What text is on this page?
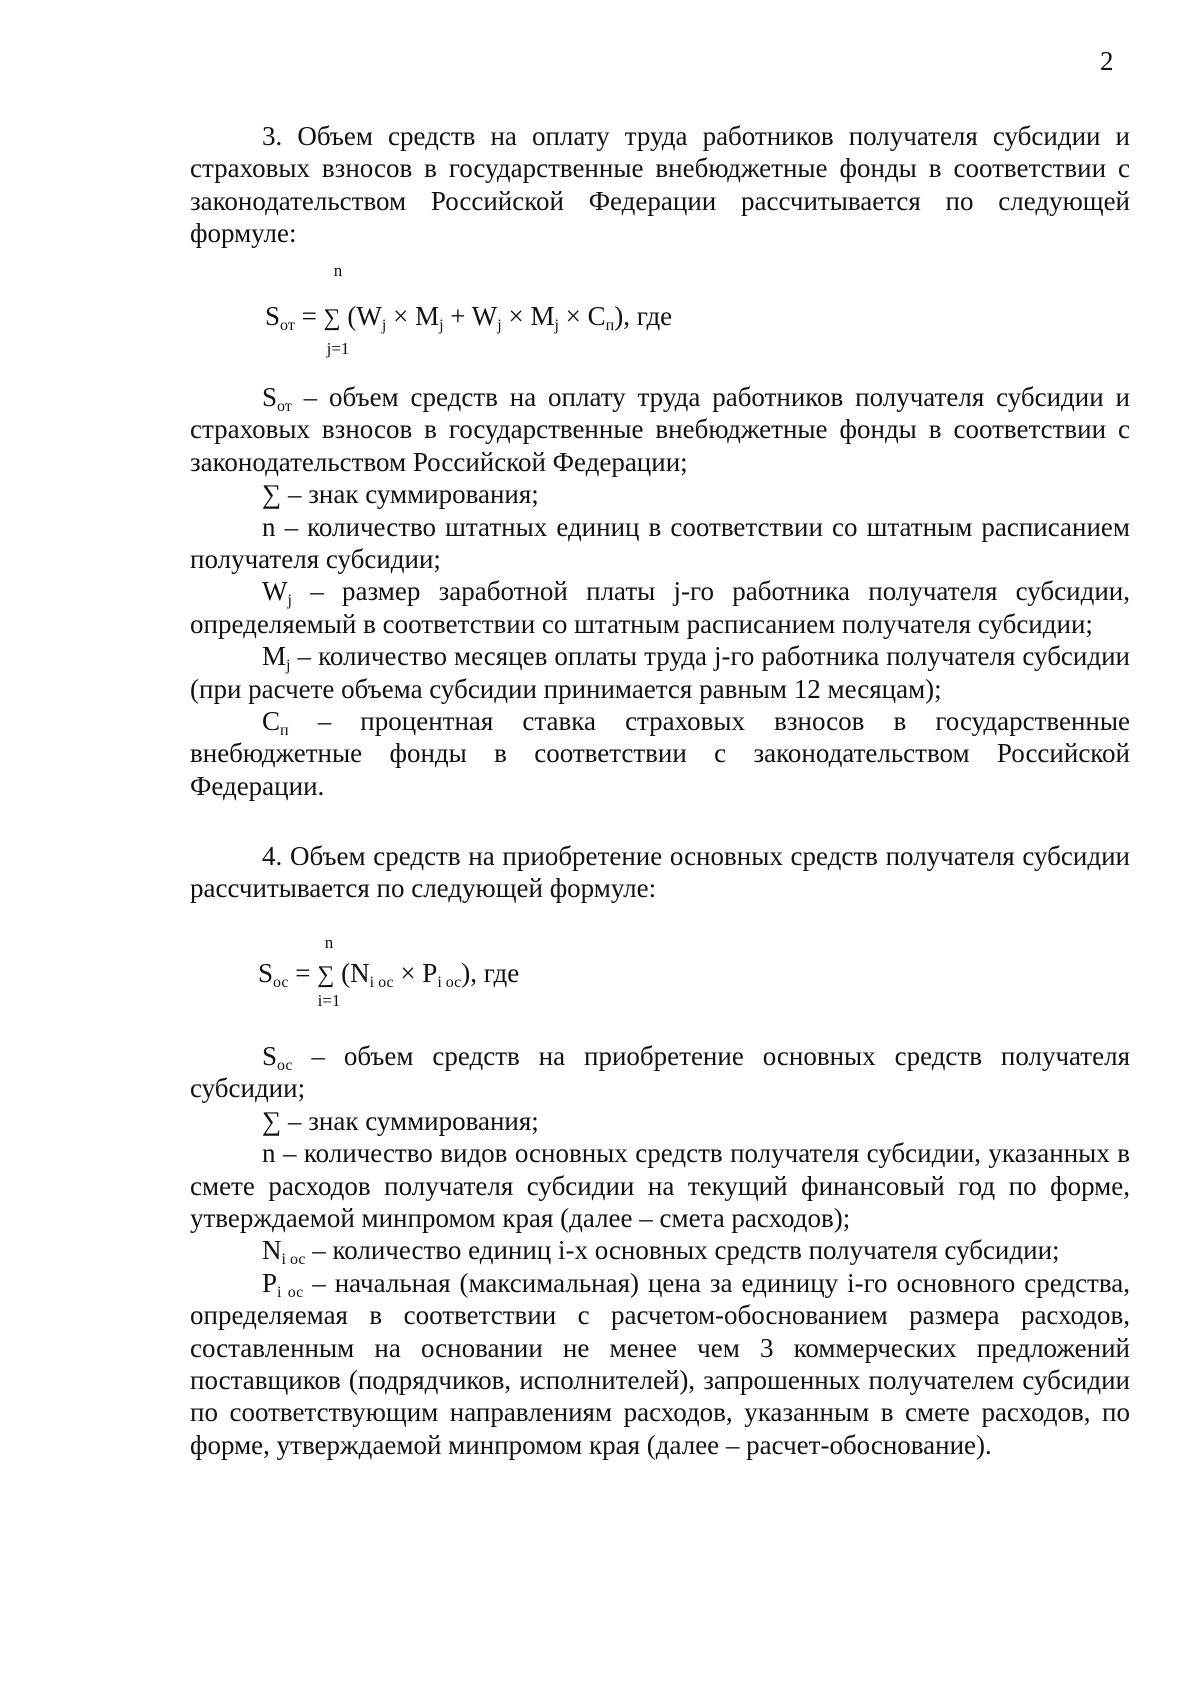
2

3. Объем средств на оплату труда работников получателя субсидии и страховых взносов в государственные внебюджетные фонды в соответствии с законодательством Российской Федерации рассчитывается по следующей формуле:

n
$S_{от}$ = ∑ $(W_j \times M_j + W_j \times M_j \times C_п)$, где
j=1

$S_{от}$ – объем средств на оплату труда работников получателя субсидии и страховых взносов в государственные внебюджетные фонды в соответствии с законодательством Российской Федерации;

∑ – знак суммирования;

n – количество штатных единиц в соответствии со штатным расписанием получателя субсидии;

$W_j$ – размер заработной платы j-го работника получателя субсидии, определяемый в соответствии со штатным расписанием получателя субсидии;

$M_j$ – количество месяцев оплаты труда j-го работника получателя субсидии (при расчете объема субсидии принимается равным 12 месяцам);

$C_п$ – процентная ставка страховых взносов в государственные внебюджетные фонды в соответствии с законодательством Российской Федерации.

4. Объем средств на приобретение основных средств получателя субсидии рассчитывается по следующей формуле:

n
$S_{ос}$ = ∑ $(N_{i ос} \times P_{i ос})$, где
i=1

$S_{ос}$ – объем средств на приобретение основных средств получателя субсидии;

∑ – знак суммирования;

n – количество видов основных средств получателя субсидии, указанных в смете расходов получателя субсидии на текущий финансовый год по форме, утверждаемой минпромом края (далее – смета расходов);

$N_{i ос}$ – количество единиц i-х основных средств получателя субсидии;

$P_{i ос}$ – начальная (максимальная) цена за единицу i-го основного средства, определяемая в соответствии с расчетом-обоснованием размера расходов, составленным на основании не менее чем 3 коммерческих предложений поставщиков (подрядчиков, исполнителей), запрошенных получателем субсидии по соответствующим направлениям расходов, указанным в смете расходов, по форме, утверждаемой минпромом края (далее – расчет-обоснование).
